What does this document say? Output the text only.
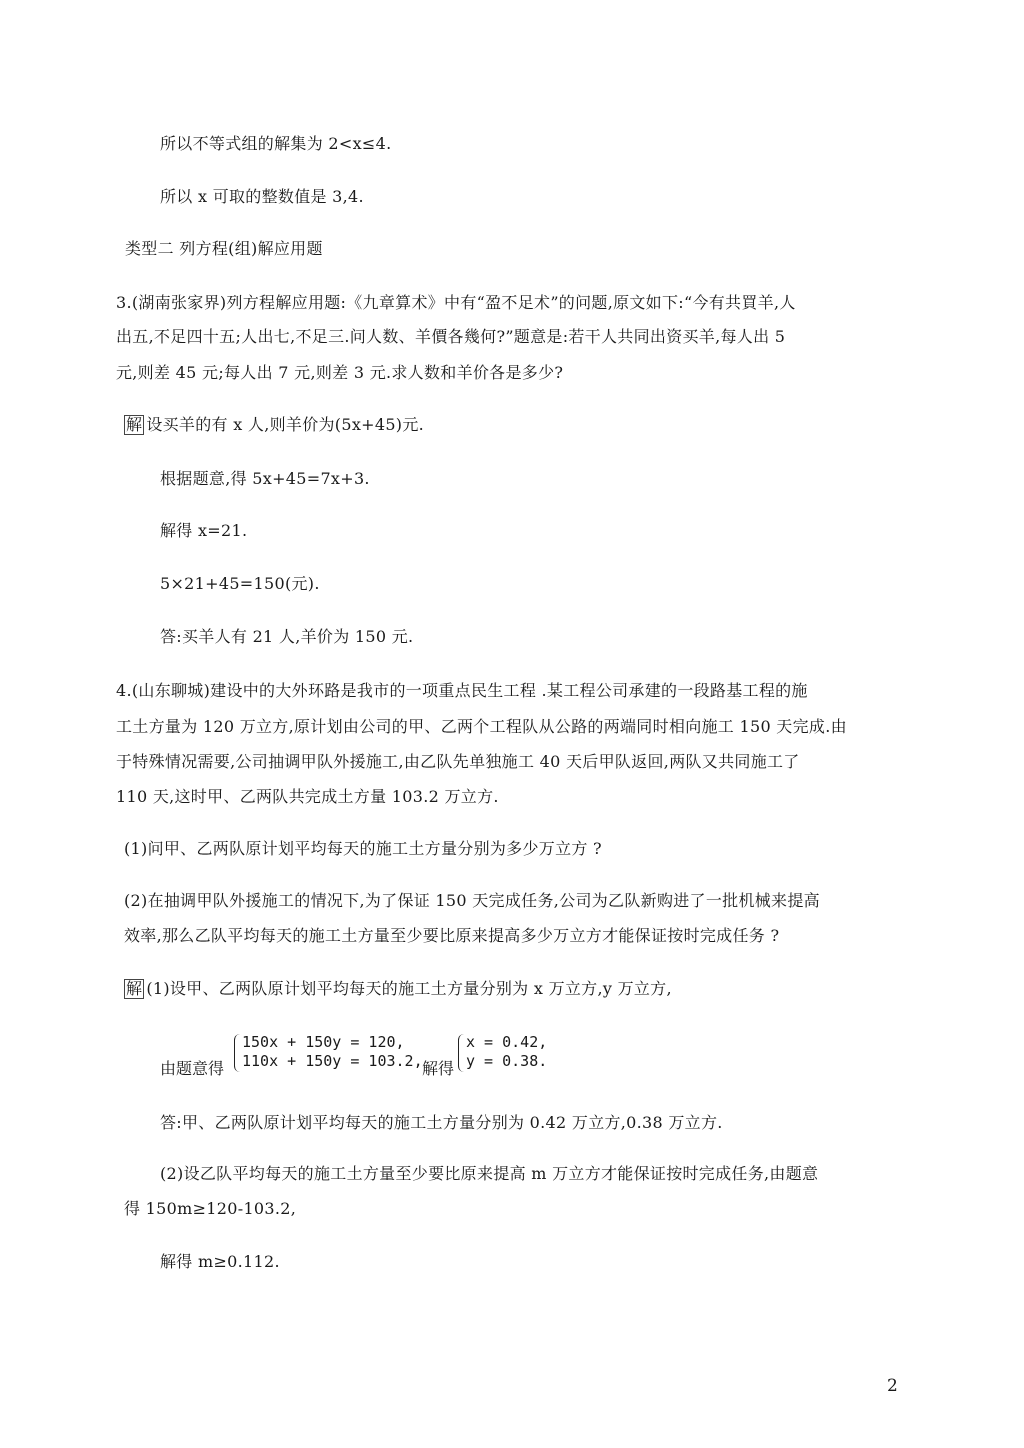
所以不等式组的解集为 2<x≤4.
所以 x 可取的整数值是 3,4.
类型二 列方程(组)解应用题
3.(湖南张家界)列方程解应用题:《九章算术》中有“盈不足术”的问题,原文如下:“今有共買羊,人
出五,不足四十五;人出七,不足三.问人数、羊價各幾何?”题意是:若干人共同出资买羊,每人出 5
元,则差 45 元;每人出 7 元,则差 3 元.求人数和羊价各是多少?
解 设买羊的有 x 人,则羊价为(5x+45)元.
根据题意,得 5x+45=7x+3.
解得 x=21.
5×21+45=150(元).
答:买羊人有 21 人,羊价为 150 元.
4.(山东聊城)建设中的大外环路是我市的一项重点民生工程 .某工程公司承建的一段路基工程的施
工土方量为 120 万立方,原计划由公司的甲、乙两个工程队从公路的两端同时相向施工 150 天完成.由
于特殊情况需要,公司抽调甲队外援施工,由乙队先单独施工 40 天后甲队返回,两队又共同施工了
110 天,这时甲、乙两队共完成土方量 103.2 万立方.
(1)问甲、乙两队原计划平均每天的施工土方量分别为多少万立方 ?
(2)在抽调甲队外援施工的情况下,为了保证 150 天完成任务,公司为乙队新购进了一批机械来提高
效率,那么乙队平均每天的施工土方量至少要比原来提高多少万立方才能保证按时完成任务 ?
解 (1)设甲、乙两队原计划平均每天的施工土方量分别为 x 万立方,y 万立方,
由题意得
150x + 150y = 120,
110x + 150y = 103.2, 解得
x = 0.42,
y = 0.38.
答:甲、乙两队原计划平均每天的施工土方量分别为 0.42 万立方,0.38 万立方.
(2)设乙队平均每天的施工土方量至少要比原来提高 m 万立方才能保证按时完成任务,由题意
得 150m≥120-103.2,
解得 m≥0.112.
2
